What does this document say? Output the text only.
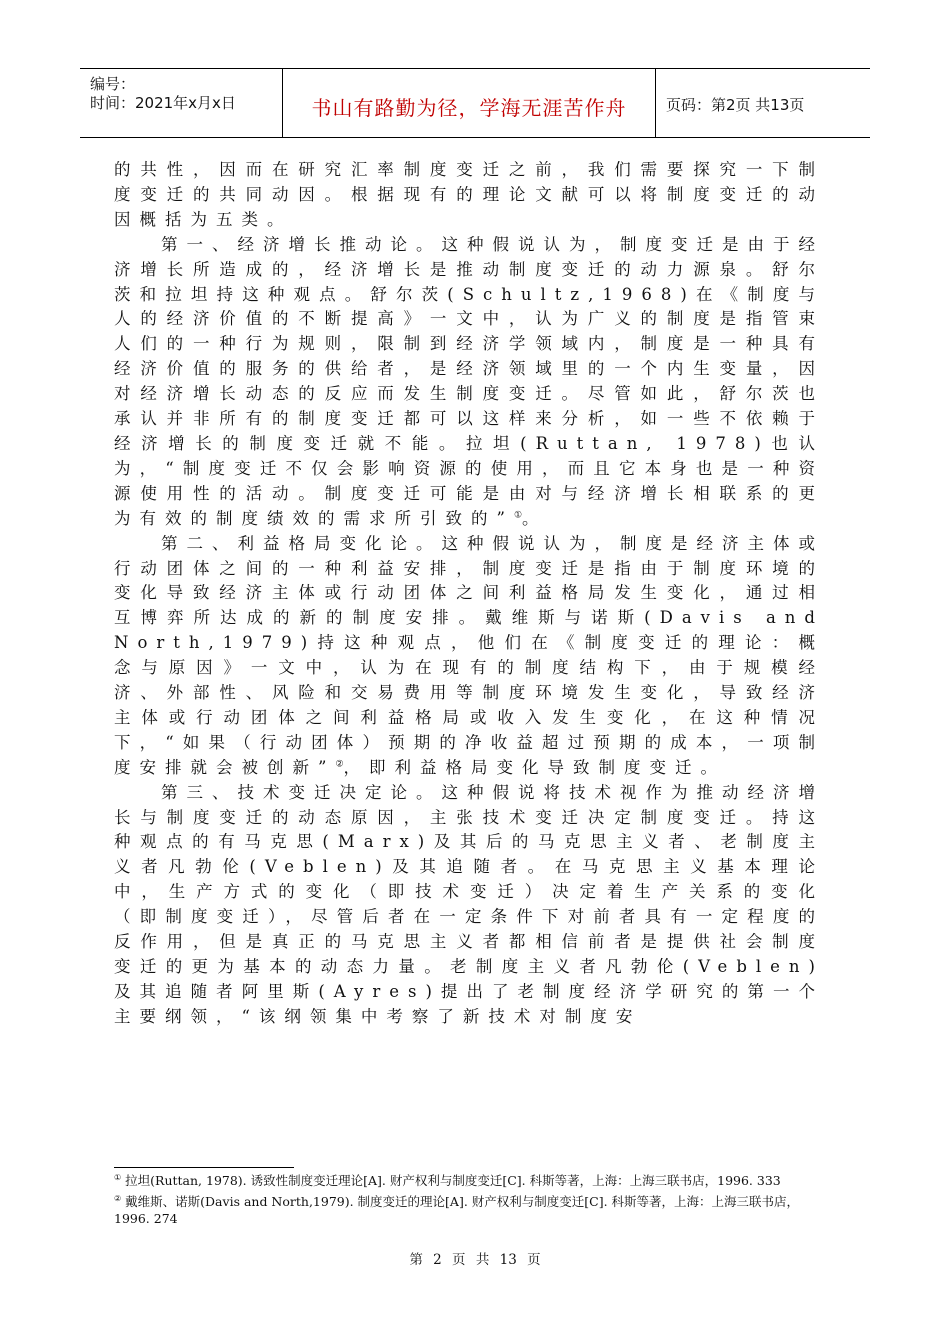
编号：
时间：2021年x月x日	书山有路勤为径，学海无涯苦作舟	页码：第2页 共13页

的共性，因而在研究汇率制度变迁之前，我们需要探究一下制度变迁的共同动因。根据现有的理论文献可以将制度变迁的动因概括为五类。

第一、经济增长推动论。这种假说认为，制度变迁是由于经济增长所造成的，经济增长是推动制度变迁的动力源泉。舒尔茨和拉坦持这种观点。舒尔茨(Schultz,1968)在《制度与人的经济价值的不断提高》一文中，认为广义的制度是指管束人们的一种行为规则，限制到经济学领域内，制度是一种具有经济价值的服务的供给者，是经济领域里的一个内生变量，因对经济增长动态的反应而发生制度变迁。尽管如此，舒尔茨也承认并非所有的制度变迁都可以这样来分析，如一些不依赖于经济增长的制度变迁就不能。拉坦(Ruttan, 1978)也认为，“制度变迁不仅会影响资源的使用，而且它本身也是一种资源使用性的活动。制度变迁可能是由对与经济增长相联系的更为有效的制度绩效的需求所引致的”①。

第二、利益格局变化论。这种假说认为，制度是经济主体或行动团体之间的一种利益安排，制度变迁是指由于制度环境的变化导致经济主体或行动团体之间利益格局发生变化，通过相互博弈所达成的新的制度安排。戴维斯与诺斯(Davis and North,1979)持这种观点，他们在《制度变迁的理论：概念与原因》一文中，认为在现有的制度结构下，由于规模经济、外部性、风险和交易费用等制度环境发生变化，导致经济主体或行动团体之间利益格局或收入发生变化，在这种情况下，“如果（行动团体）预期的净收益超过预期的成本，一项制度安排就会被创新”②，即利益格局变化导致制度变迁。

第三、技术变迁决定论。这种假说将技术视作为推动经济增长与制度变迁的动态原因，主张技术变迁决定制度变迁。持这种观点的有马克思(Marx)及其后的马克思主义者、老制度主义者凡勃伦(Veblen)及其追随者。在马克思主义基本理论中，生产方式的变化（即技术变迁）决定着生产关系的变化（即制度变迁），尽管后者在一定条件下对前者具有一定程度的反作用，但是真正的马克思主义者都相信前者是提供社会制度变迁的更为基本的动态力量。老制度主义者凡勃伦(Veblen)及其追随者阿里斯(Ayres)提出了老制度经济学研究的第一个主要纲领，“该纲领集中考察了新技术对制度安

① 拉坦(Ruttan, 1978). 诱致性制度变迁理论[A]. 财产权利与制度变迁[C]. 科斯等著，上海：上海三联书店，1996. 333
② 戴维斯、诺斯(Davis and North,1979). 制度变迁的理论[A]. 财产权利与制度变迁[C]. 科斯等著，上海：上海三联书店，1996. 274
第 2 页 共 13 页
